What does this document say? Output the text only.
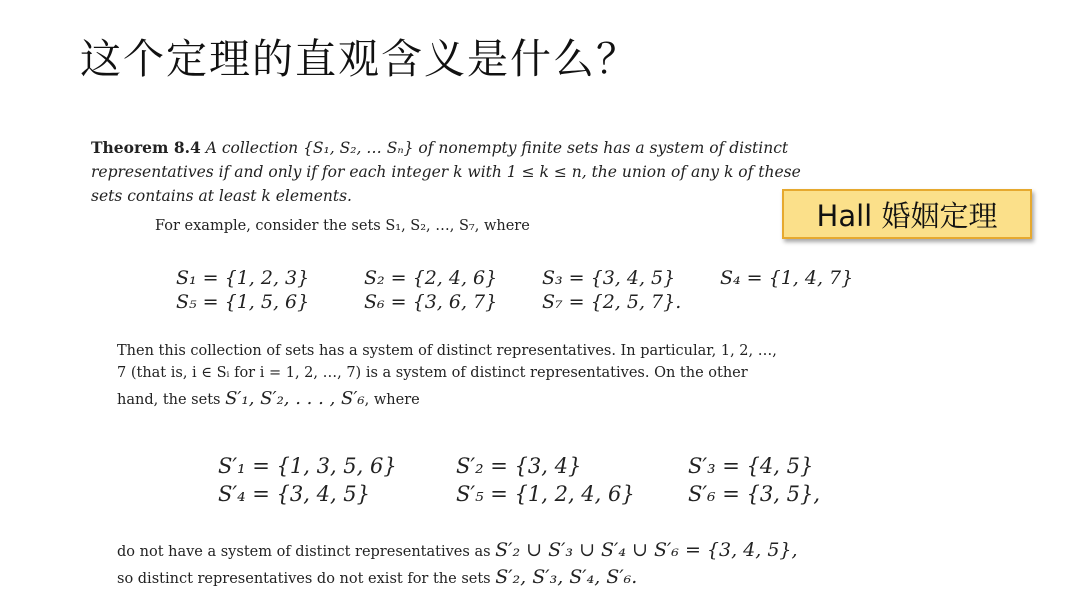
这个定理的直观含义是什么？
Theorem 8.4 A collection {S₁, S₂, … Sₙ} of nonempty finite sets has a system of distinct
representatives if and only if for each integer k with 1 ≤ k ≤ n, the union of any k of these
sets contains at least k elements.
Hall 婚姻定理
For example, consider the sets S₁, S₂, …, S₇, where
S₁ = {1, 2, 3}	S₂ = {2, 4, 6}	S₃ = {3, 4, 5}	S₄ = {1, 4, 7}
S₅ = {1, 5, 6}	S₆ = {3, 6, 7}	S₇ = {2, 5, 7}.
Then this collection of sets has a system of distinct representatives. In particular, 1, 2, …,
7 (that is, i ∈ Sᵢ for i = 1, 2, …, 7) is a system of distinct representatives. On the other
hand, the sets S′₁, S′₂, . . . , S′₆, where
S′₁ = {1, 3, 5, 6}	S′₂ = {3, 4}	S′₃ = {4, 5}
S′₄ = {3, 4, 5}	S′₅ = {1, 2, 4, 6}	S′₆ = {3, 5},
do not have a system of distinct representatives as S′₂ ∪ S′₃ ∪ S′₄ ∪ S′₆ = {3, 4, 5},
so distinct representatives do not exist for the sets S′₂, S′₃, S′₄, S′₆.
